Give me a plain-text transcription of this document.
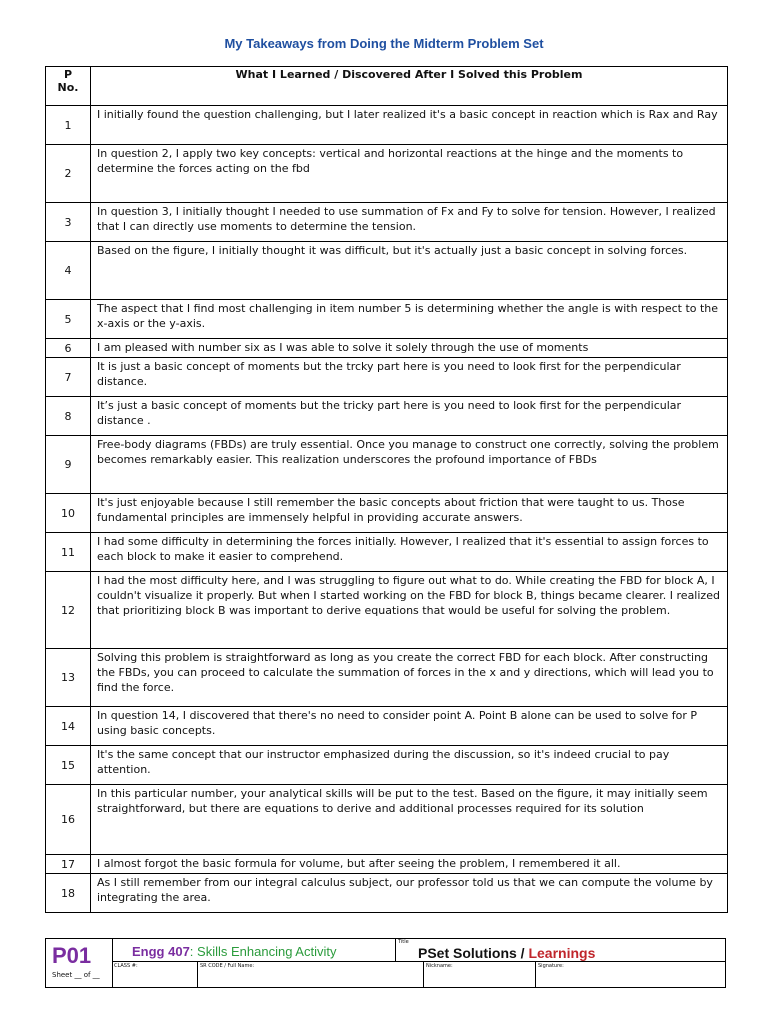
My Takeaways from Doing the Midterm Problem Set
P
No.	What I Learned / Discovered After I Solved this Problem
1	I initially found the question challenging, but I later realized it's a basic concept in reaction which is Rax and Ray
2	In question 2, I apply two key concepts: vertical and horizontal reactions at the hinge and the moments to determine the forces acting on the fbd
3	In question 3, I initially thought I needed to use summation of Fx and Fy to solve for tension. However, I realized that I can directly use moments to determine the tension.
4	Based on the figure, I initially thought it was difficult, but it's actually just a basic concept in solving forces.
5	The aspect that I find most challenging in item number 5 is determining whether the angle is with respect to the x-axis or the y-axis.
6	I am pleased with number six as I was able to solve it solely through the use of moments
7	It is just a basic concept of moments but the trcky part here is you need to look first for the perpendicular distance.
8	It’s just a basic concept of moments but the tricky part here is you need to look first for the perpendicular distance .
9	Free-body diagrams (FBDs) are truly essential. Once you manage to construct one correctly, solving the problem becomes remarkably easier. This realization underscores the profound importance of FBDs
10	It's just enjoyable because I still remember the basic concepts about friction that were taught to us. Those fundamental principles are immensely helpful in providing accurate answers.
11	I had some difficulty in determining the forces initially. However, I realized that it's essential to assign forces to each block to make it easier to comprehend.
12	I had the most difficulty here, and I was struggling to figure out what to do. While creating the FBD for block A, I couldn't visualize it properly. But when I started working on the FBD for block B, things became clearer. I realized that prioritizing block B was important to derive equations that would be useful for solving the problem.
13	Solving this problem is straightforward as long as you create the correct FBD for each block. After constructing the FBDs, you can proceed to calculate the summation of forces in the x and y directions, which will lead you to find the force.
14	In question 14, I discovered that there's no need to consider point A. Point B alone can be used to solve for P using basic concepts.
15	It's the same concept that our instructor emphasized during the discussion, so it's indeed crucial to pay attention.
16	In this particular number, your analytical skills will be put to the test. Based on the figure, it may initially seem straightforward, but there are equations to derive and additional processes required for its solution
17	I almost forgot the basic formula for volume, but after seeing the problem, I remembered it all.
18	As I still remember from our integral calculus subject, our professor told us that we can compute the volume by integrating the area.
P01
Sheet __ of __
Engg 407: Skills Enhancing Activity
Title
PSet Solutions / Learnings
CLASS #:	SR CODE / Full Name:	Nickname:	Signature:
